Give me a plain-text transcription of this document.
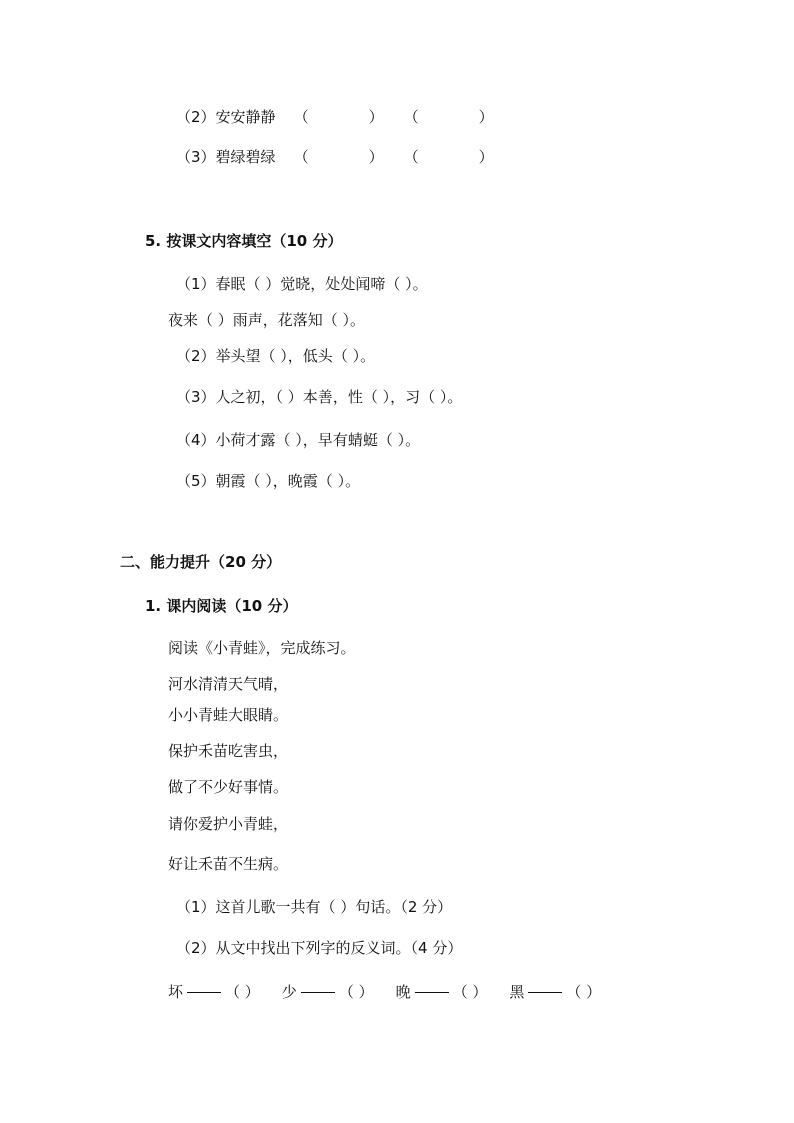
（2）安安静静 （	） （	）
（3）碧绿碧绿 （	） （	）
5. 按课文内容填空（10 分）
（1）春眠（ ）觉晓，处处闻啼（ ）。
夜来（ ）雨声，花落知（ ）。
（2）举头望（ ），低头（ ）。
（3）人之初，（ ）本善，性（ ），习（ ）。
（4）小荷才露（ ），早有蜻蜓（ ）。
（5）朝霞（ ），晚霞（ ）。
二、能力提升（20 分）
1. 课内阅读（10 分）
阅读《小青蛙》，完成练习。
河水清清天气晴，
小小青蛙大眼睛。
保护禾苗吃害虫，
做了不少好事情。
请你爱护小青蛙，
好让禾苗不生病。
（1）这首儿歌一共有（ ）句话。（2 分）
（2）从文中找出下列字的反义词。（4 分）
坏	（ ） 少	（ ） 晚	（ ） 黑	（ ）
